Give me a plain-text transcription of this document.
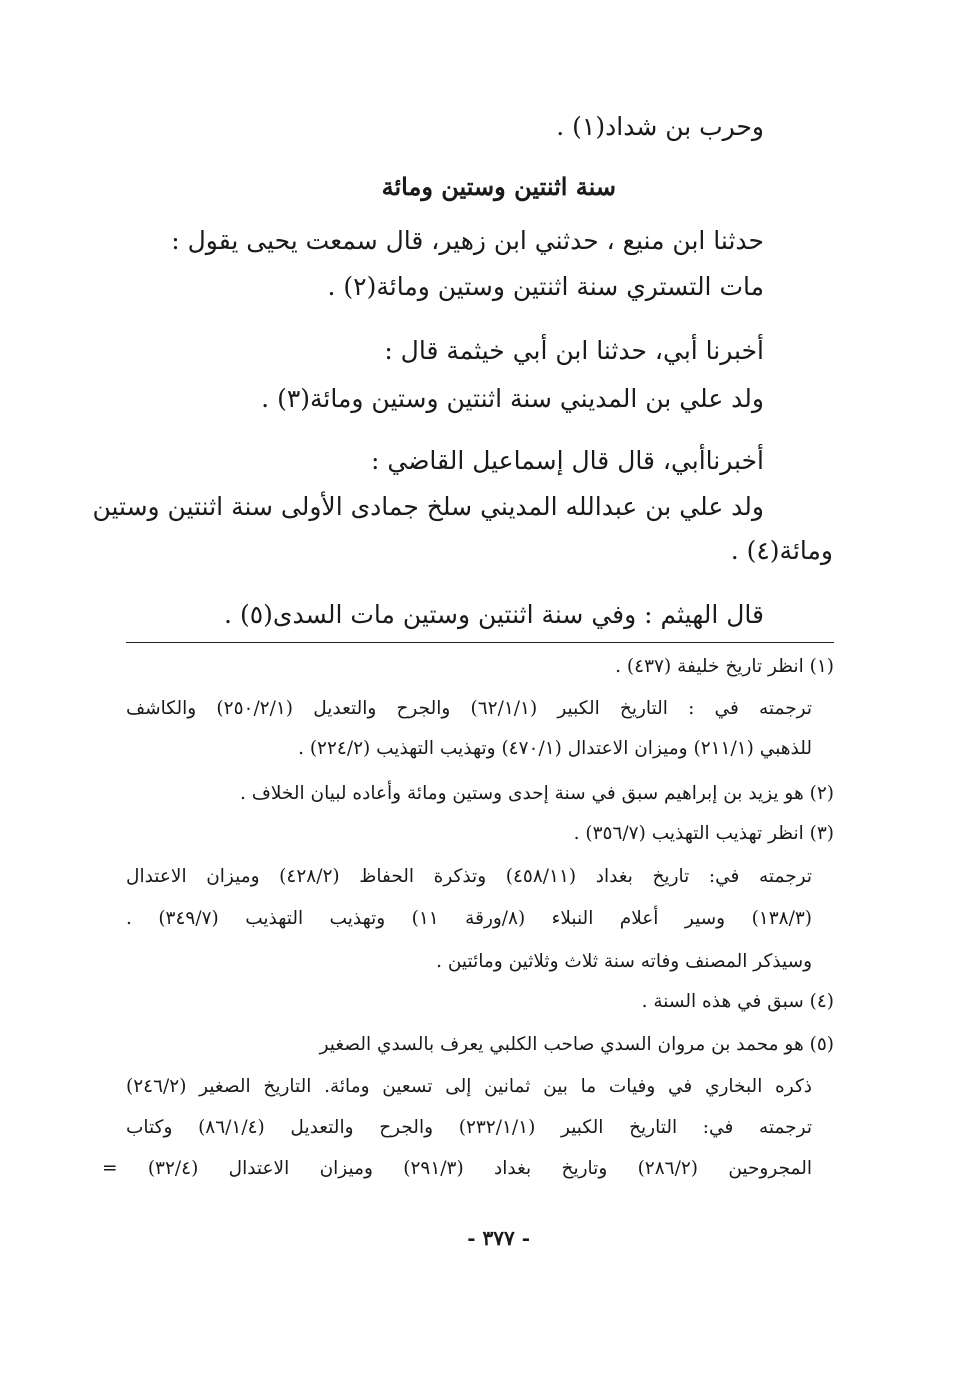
وحرب بن شداد(١) .
سنة اثنتين وستين ومائة
حدثنا ابن منيع ، حدثني ابن زهير، قال سمعت يحيى يقول :
مات التستري سنة اثنتين وستين ومائة(٢) .
أخبرنا أبي، حدثنا ابن أبي خيثمة قال :
ولد علي بن المديني سنة اثنتين وستين ومائة(٣) .
أخبرناأبي، قال قال إسماعيل القاضي :
ولد علي بن عبدالله المديني سلخ جمادى الأولى سنة اثنتين وستين
ومائة(٤) .
قال الهيثم : وفي سنة اثنتين وستين مات السدى(٥) .
(١) انظر تاريخ خليفة (٤٣٧) .
ترجمته في : التاريخ الكبير (٦٢/١/١) والجرح والتعديل (٢٥٠/٢/١) والكاشف
للذهبي (٢١١/١) وميزان الاعتدال (٤٧٠/١) وتهذيب التهذيب (٢٢٤/٢) .
(٢) هو يزيد بن إبراهيم سبق في سنة إحدى وستين ومائة وأعاده لبيان الخلاف .
(٣) انظر تهذيب التهذيب (٣٥٦/٧) .
ترجمته في: تاريخ بغداد (٤٥٨/١١) وتذكرة الحفاظ (٤٢٨/٢) وميزان الاعتدال
(١٣٨/٣) وسير أعلام النبلاء (٨/ورقة ١١) وتهذيب التهذيب (٣٤٩/٧) .
وسيذكر المصنف وفاته سنة ثلاث وثلاثين ومائتين .
(٤) سبق في هذه السنة .
(٥) هو محمد بن مروان السدي صاحب الكلبي يعرف بالسدي الصغير
ذكره البخاري في وفيات ما بين ثمانين إلى تسعين ومائة. التاريخ الصغير (٢٤٦/٢)
ترجمته في: التاريخ الكبير (٢٣٢/١/١) والجرح والتعديل (٨٦/١/٤) وكتاب
المجروحين (٢٨٦/٢) وتاريخ بغداد (٢٩١/٣) وميزان الاعتدال (٣٢/٤) =
- ٣٧٧ -
